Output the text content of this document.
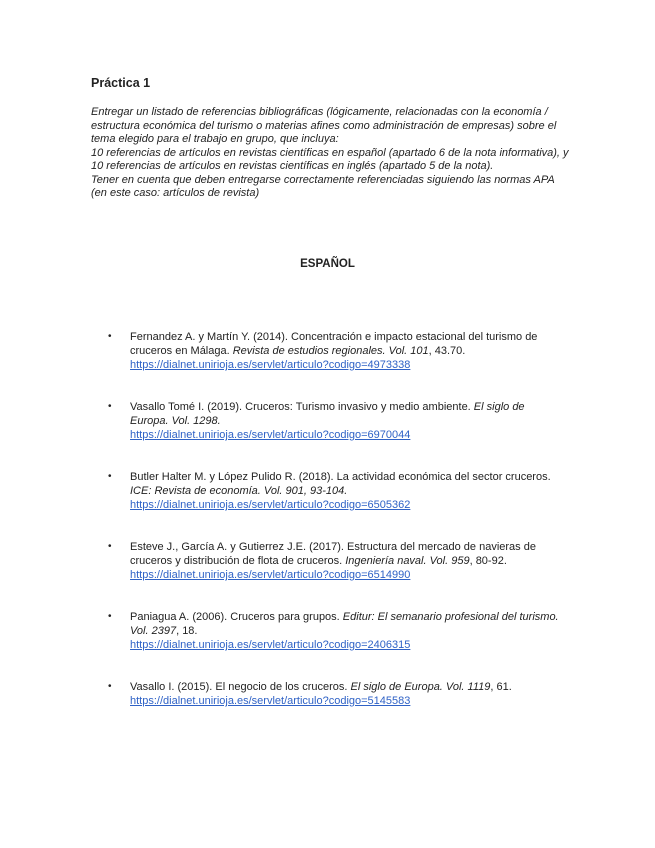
Práctica 1

Entregar un listado de referencias bibliográficas (lógicamente, relacionadas con la economía / estructura económica del turismo o materias afines como administración de empresas) sobre el tema elegido para el trabajo en grupo, que incluya:

10 referencias de artículos en revistas científicas en español (apartado 6 de la nota informativa), y 10 referencias de artículos en revistas científicas en inglés (apartado 5 de la nota).

Tener en cuenta que deben entregarse correctamente referenciadas siguiendo las normas APA (en este caso: artículos de revista)

ESPAÑOL
• Fernandez A. y Martín Y. (2014). Concentración e impacto estacional del turismo de cruceros en Málaga. Revista de estudios regionales. Vol. 101, 43.70.
https://dialnet.unirioja.es/servlet/articulo?codigo=4973338
• Vasallo Tomé I. (2019). Cruceros: Turismo invasivo y medio ambiente. El siglo de Europa. Vol. 1298.
https://dialnet.unirioja.es/servlet/articulo?codigo=6970044
• Butler Halter M. y López Pulido R. (2018). La actividad económica del sector cruceros. ICE: Revista de economía. Vol. 901, 93-104.
https://dialnet.unirioja.es/servlet/articulo?codigo=6505362
• Esteve J., García A. y Gutierrez J.E. (2017). Estructura del mercado de navieras de cruceros y distribución de flota de cruceros. Ingeniería naval. Vol. 959, 80-92.
https://dialnet.unirioja.es/servlet/articulo?codigo=6514990
• Paniagua A. (2006). Cruceros para grupos. Editur: El semanario profesional del turismo. Vol. 2397, 18.
https://dialnet.unirioja.es/servlet/articulo?codigo=2406315
• Vasallo I. (2015). El negocio de los cruceros. El siglo de Europa. Vol. 1119, 61.
https://dialnet.unirioja.es/servlet/articulo?codigo=5145583
